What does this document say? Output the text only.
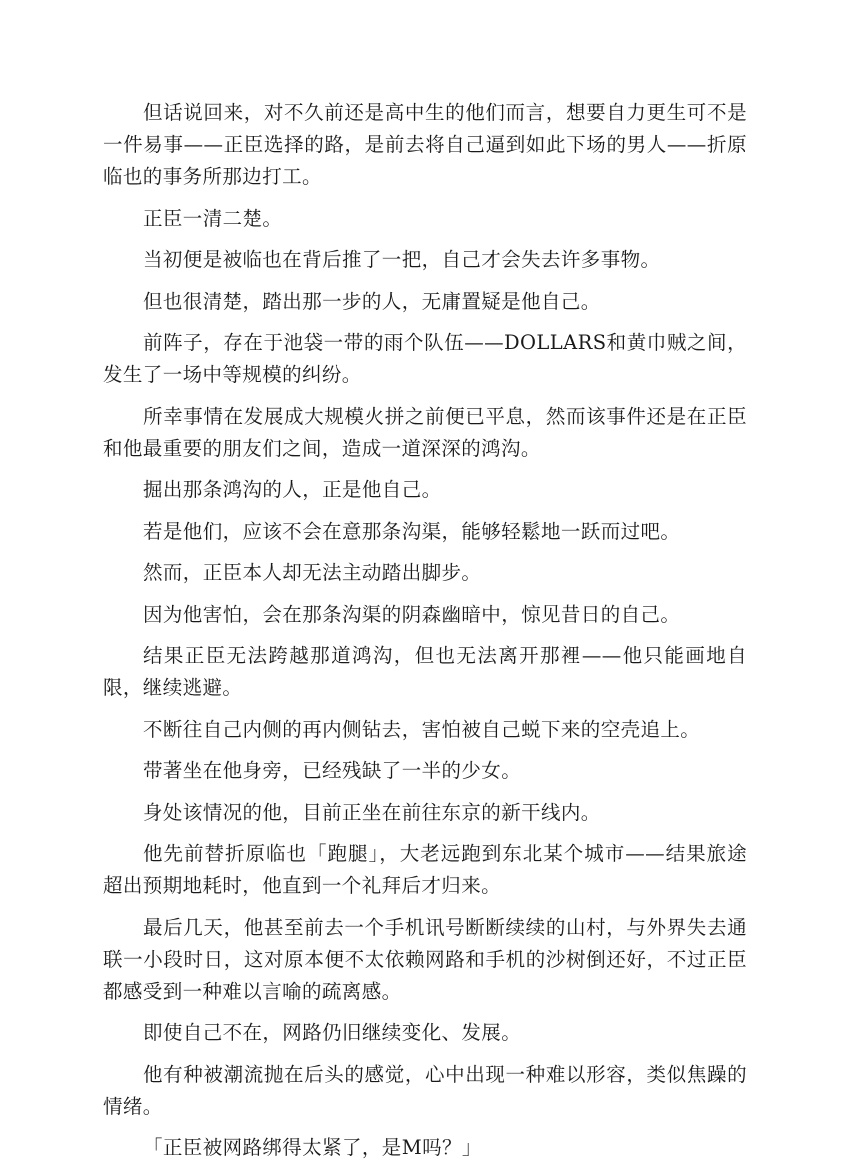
但话说回来，对不久前还是高中生的他们而言，想要自力更生可不是一件易事——正臣选择的路，是前去将自己逼到如此下场的男人——折原临也的事务所那边打工。

正臣一清二楚。

当初便是被临也在背后推了一把，自己才会失去许多事物。

但也很清楚，踏出那一步的人，无庸置疑是他自己。

前阵子，存在于池袋一带的雨个队伍——DOLLARS和黄巾贼之间，发生了一场中等规模的纠纷。

所幸事情在发展成大规模火拼之前便已平息，然而该事件还是在正臣和他最重要的朋友们之间，造成一道深深的鸿沟。

掘出那条鸿沟的人，正是他自己。

若是他们，应该不会在意那条沟渠，能够轻鬆地一跃而过吧。

然而，正臣本人却无法主动踏出脚步。

因为他害怕，会在那条沟渠的阴森幽暗中，惊见昔日的自己。

结果正臣无法跨越那道鸿沟，但也无法离开那裡——他只能画地自限，继续逃避。

不断往自己内侧的再内侧钻去，害怕被自己蜕下来的空壳追上。

带著坐在他身旁，已经残缺了一半的少女。

身处该情况的他，目前正坐在前往东京的新干线内。

他先前替折原临也「跑腿」，大老远跑到东北某个城市——结果旅途超出预期地耗时，他直到一个礼拜后才归来。

最后几天，他甚至前去一个手机讯号断断续续的山村，与外界失去通联一小段时日，这对原本便不太依赖网路和手机的沙树倒还好，不过正臣都感受到一种难以言喻的疏离感。

即使自己不在，网路仍旧继续变化、发展。

他有种被潮流抛在后头的感觉，心中出现一种难以形容，类似焦躁的情绪。

「正臣被网路绑得太紧了，是M吗？」
